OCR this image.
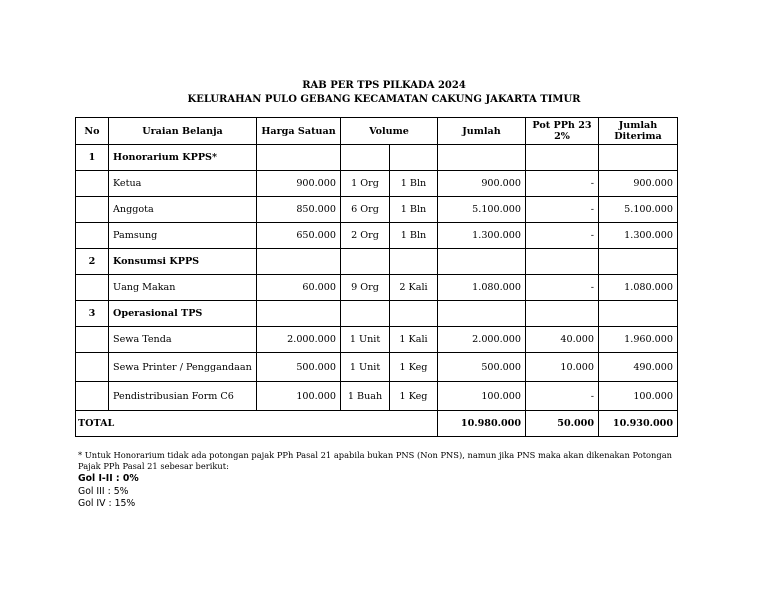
RAB PER TPS PILKADA 2024
KELURAHAN PULO GEBANG KECAMATAN CAKUNG JAKARTA TIMUR
No	Uraian Belanja	Harga Satuan	Volume		Jumlah	Pot PPh 23 2%	Jumlah Diterima
1	Honorarium KPPS*						
	Ketua	900.000	1 Org	1 Bln	900.000	-	900.000
	Anggota	850.000	6 Org	1 Bln	5.100.000	-	5.100.000
	Pamsung	650.000	2 Org	1 Bln	1.300.000	-	1.300.000
2	Konsumsi KPPS						
	Uang Makan	60.000	9 Org	2 Kali	1.080.000	-	1.080.000
3	Operasional TPS						
	Sewa Tenda	2.000.000	1 Unit	1 Kali	2.000.000	40.000	1.960.000
	Sewa Printer / Penggandaan	500.000	1 Unit	1 Keg	500.000	10.000	490.000
	Pendistribusian Form C6	100.000	1 Buah	1 Keg	100.000	-	100.000
TOTAL					10.980.000	50.000	10.930.000
* Untuk Honorarium tidak ada potongan pajak PPh Pasal 21 apabila bukan PNS (Non PNS), namun jika PNS maka akan dikenakan Potongan Pajak PPh Pasal 21 sebesar berikut:
Gol I-II : 0%
Gol III : 5%
Gol IV : 15%
